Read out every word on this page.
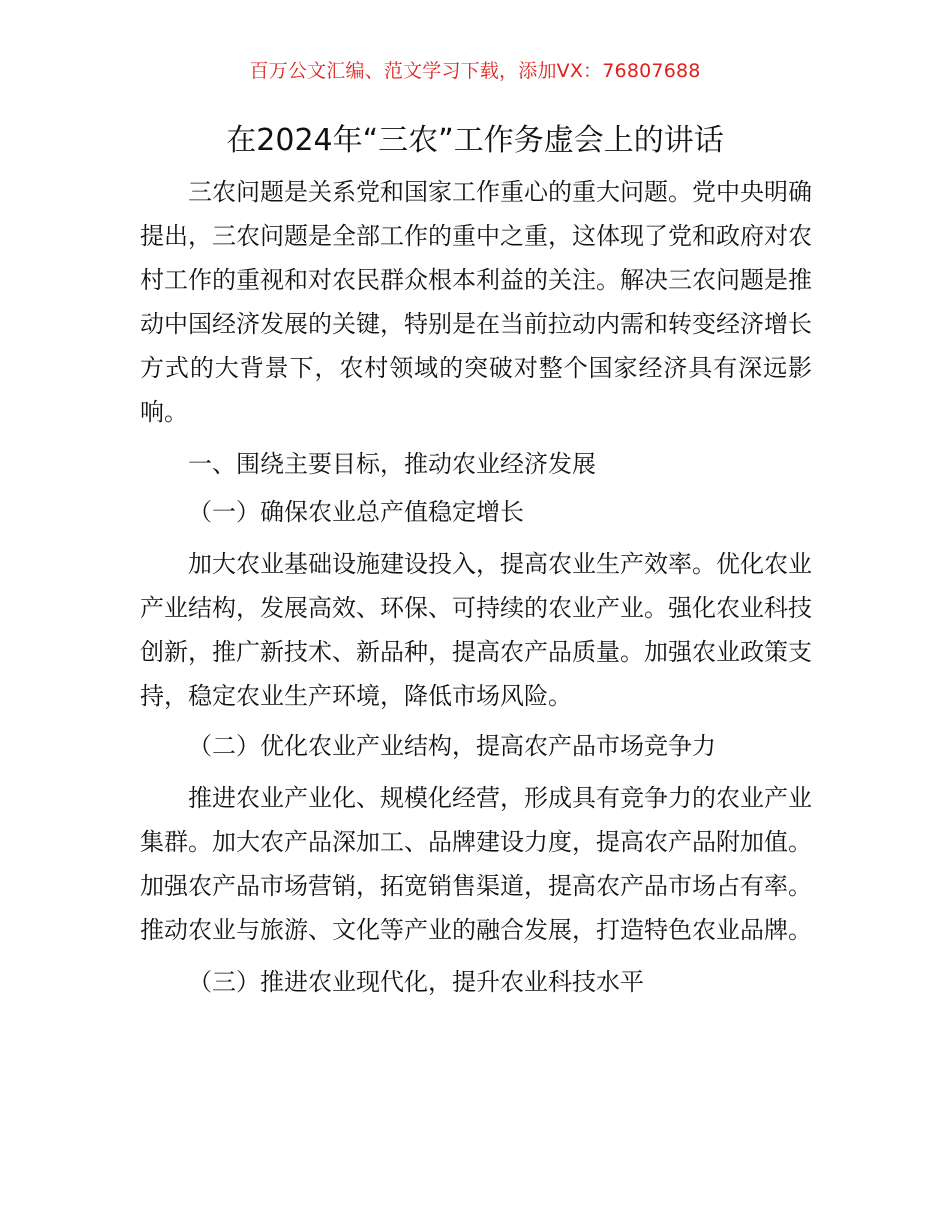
百万公文汇编、范文学习下载，添加VX：76807688
在2024年“三农”工作务虚会上的讲话

三农问题是关系党和国家工作重心的重大问题。党中央明确提出，三农问题是全部工作的重中之重，这体现了党和政府对农村工作的重视和对农民群众根本利益的关注。解决三农问题是推动中国经济发展的关键，特别是在当前拉动内需和转变经济增长方式的大背景下，农村领域的突破对整个国家经济具有深远影响。

一、围绕主要目标，推动农业经济发展

（一）确保农业总产值稳定增长

加大农业基础设施建设投入，提高农业生产效率。优化农业产业结构，发展高效、环保、可持续的农业产业。强化农业科技创新，推广新技术、新品种，提高农产品质量。加强农业政策支持，稳定农业生产环境，降低市场风险。

（二）优化农业产业结构，提高农产品市场竞争力

推进农业产业化、规模化经营，形成具有竞争力的农业产业集群。加大农产品深加工、品牌建设力度，提高农产品附加值。加强农产品市场营销，拓宽销售渠道，提高农产品市场占有率。推动农业与旅游、文化等产业的融合发展，打造特色农业品牌。

（三）推进农业现代化，提升农业科技水平
